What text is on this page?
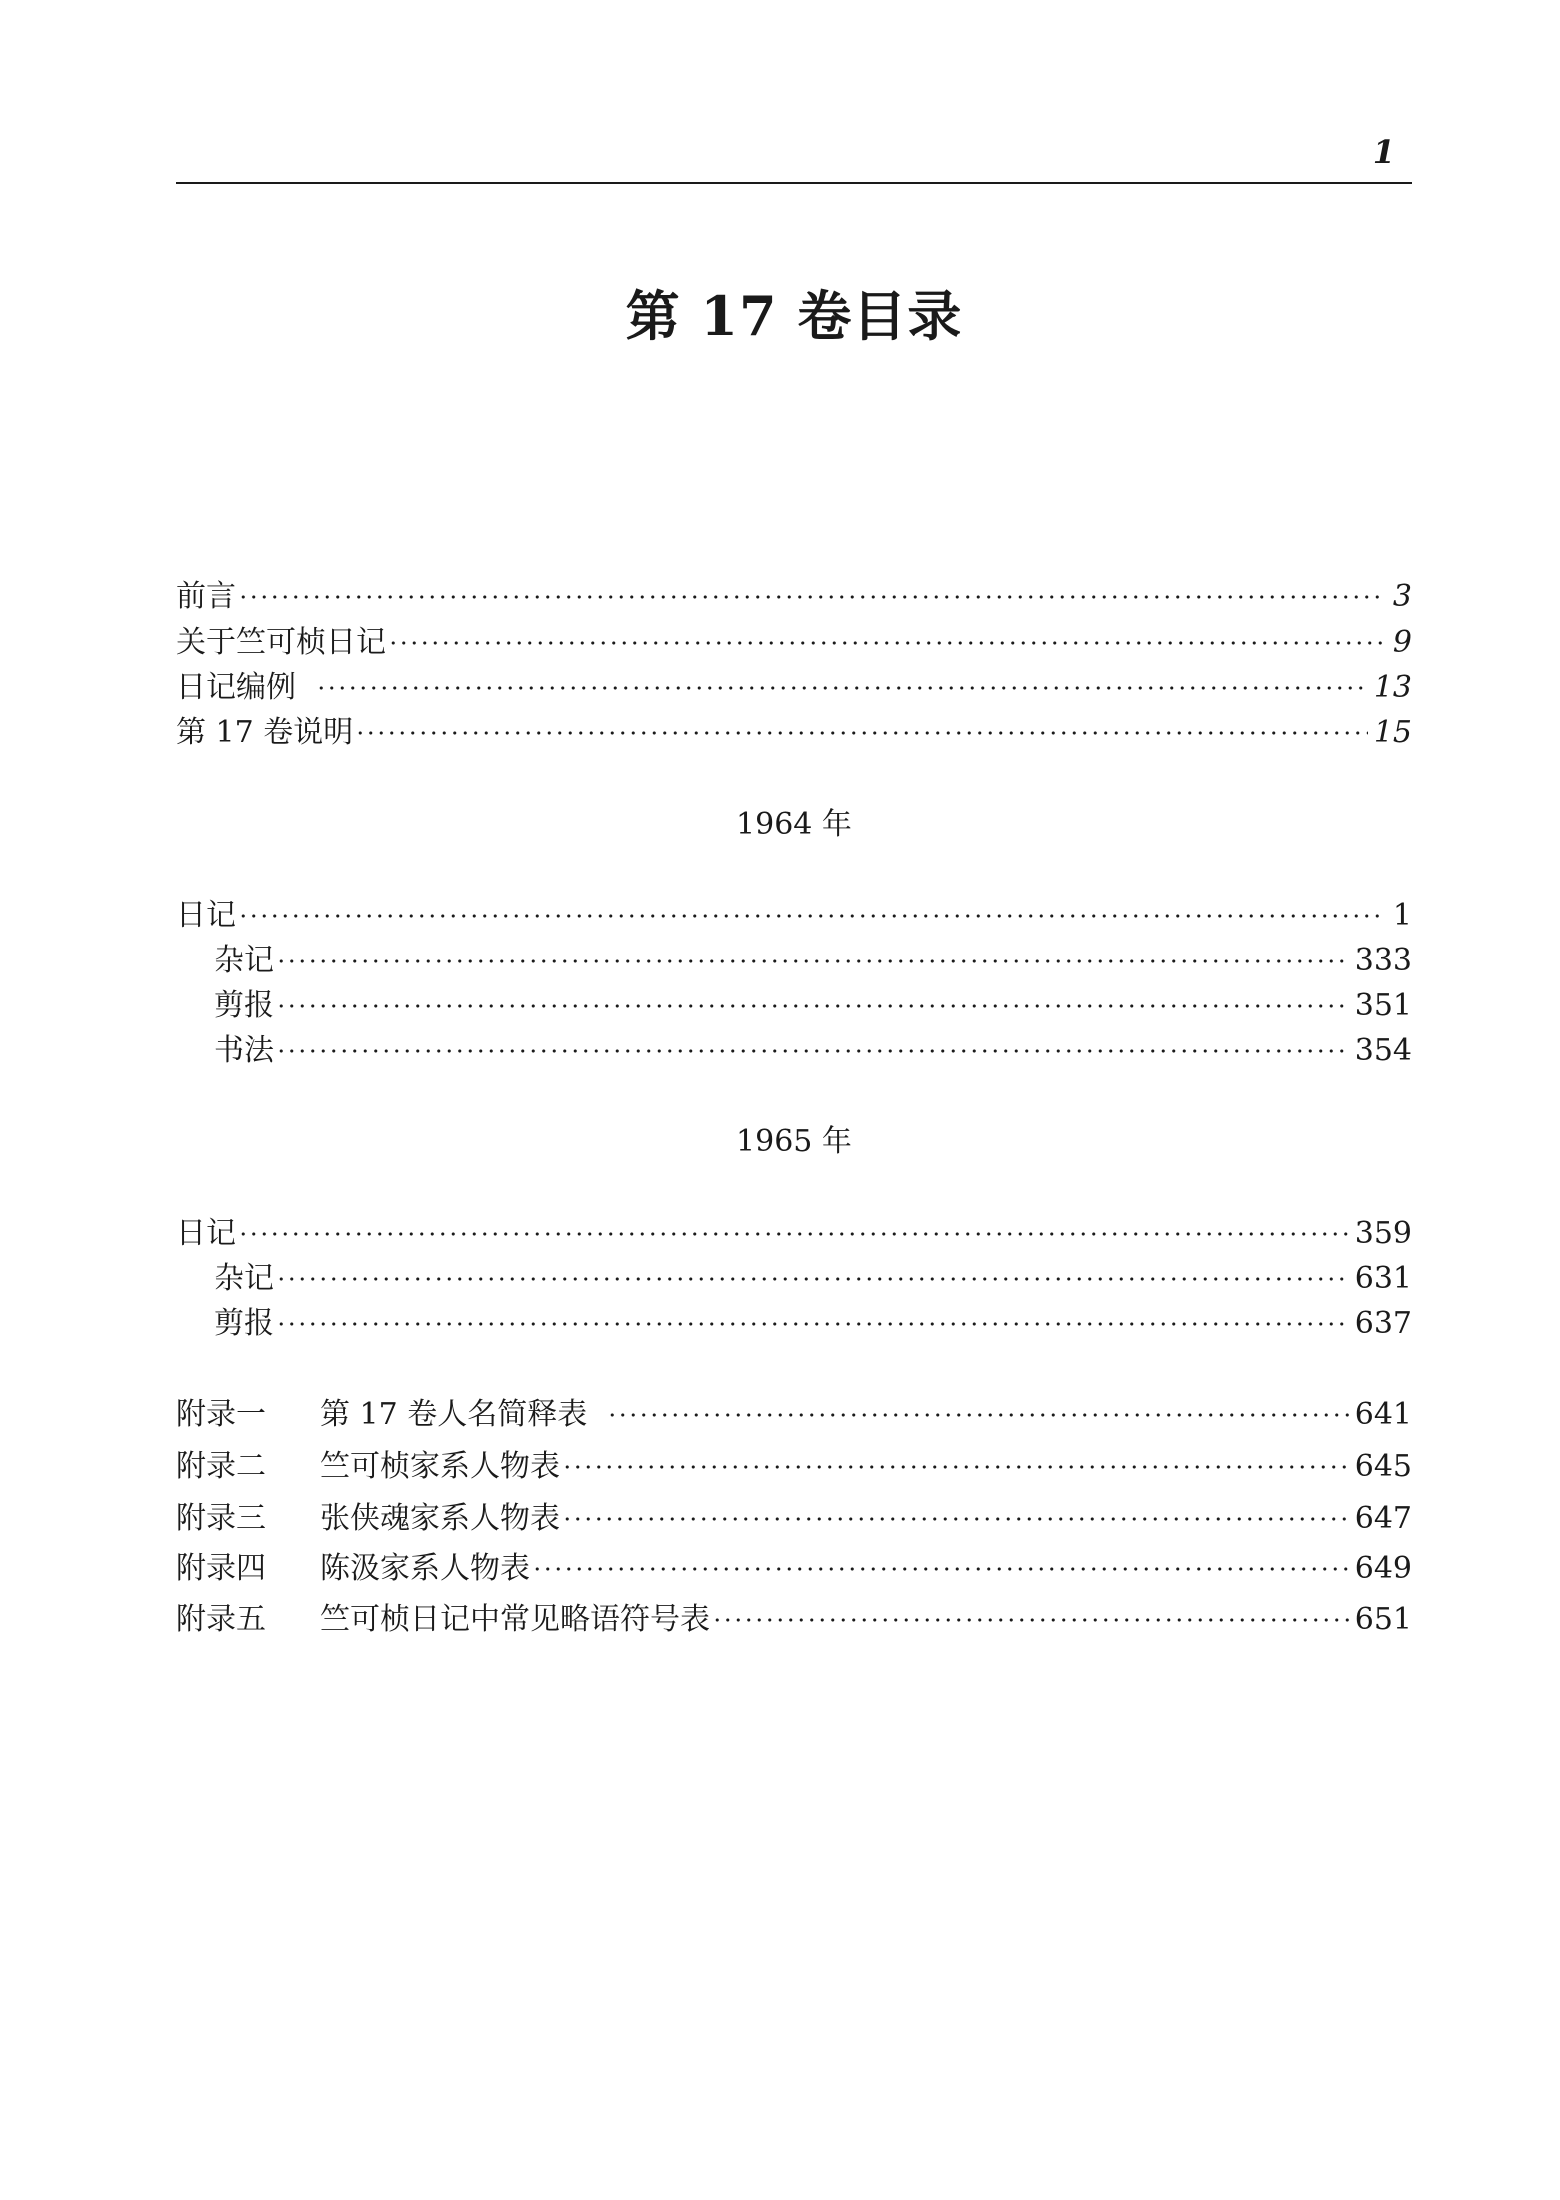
1
第 17 卷目录
前言	3
关于竺可桢日记	9
日记编例	13
第 17 卷说明	15
1964 年
日记	1
杂记	333
剪报	351
书法	354
1965 年
日记	359
杂记	631
剪报	637
附录一	第 17 卷人名简释表	641
附录二	竺可桢家系人物表	645
附录三	张侠魂家系人物表	647
附录四	陈汲家系人物表	649
附录五	竺可桢日记中常见略语符号表	651
